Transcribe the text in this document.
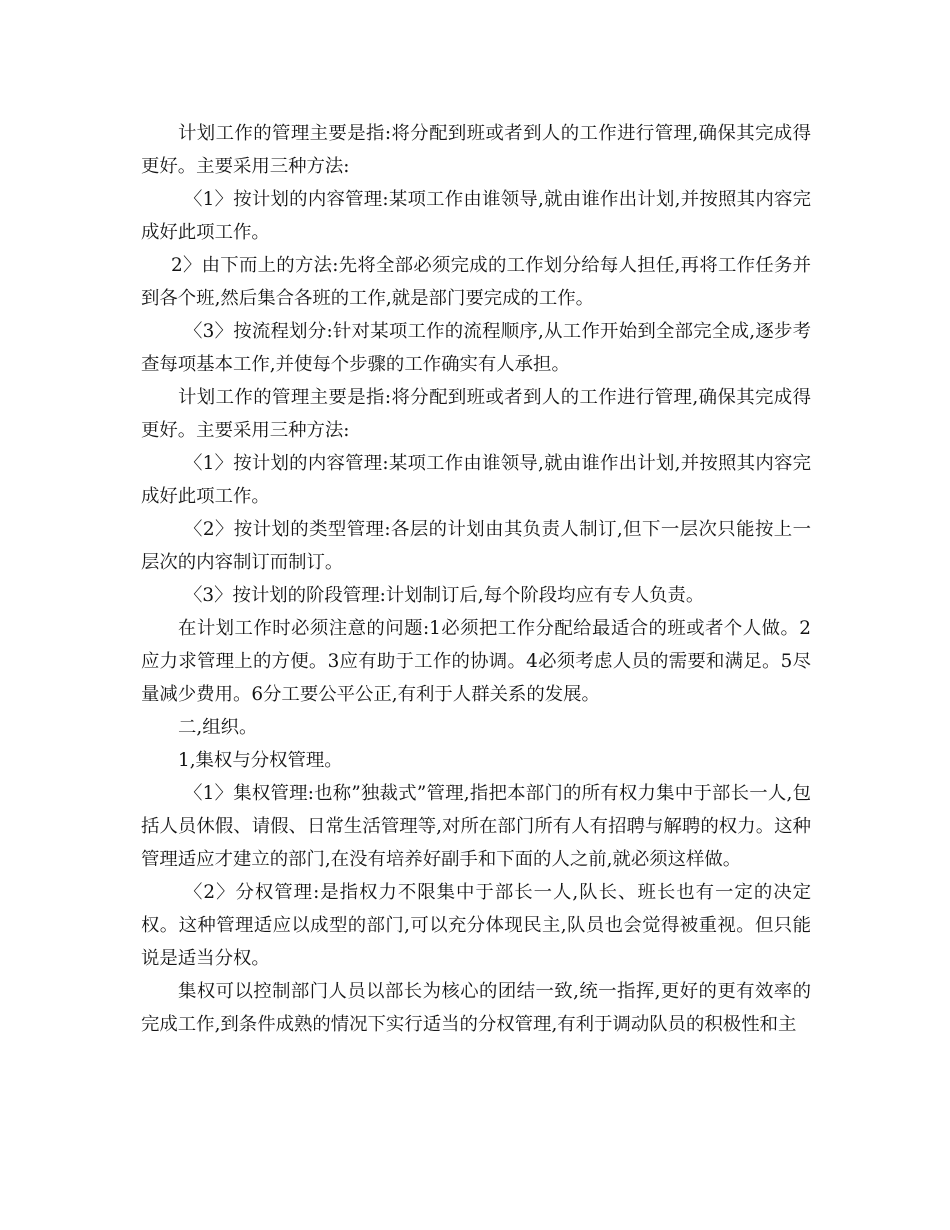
计划工作的管理主要是指:将分配到班或者到人的工作进行管理,确保其完成得更好。主要采用三种方法:

〈1〉按计划的内容管理:某项工作由谁领导,就由谁作出计划,并按照其内容完成好此项工作。

2〉由下而上的方法:先将全部必须完成的工作划分给每人担任,再将工作任务并到各个班,然后集合各班的工作,就是部门要完成的工作。

〈3〉按流程划分:针对某项工作的流程顺序,从工作开始到全部完全成,逐步考查每项基本工作,并使每个步骤的工作确实有人承担。

计划工作的管理主要是指:将分配到班或者到人的工作进行管理,确保其完成得更好。主要采用三种方法:

〈1〉按计划的内容管理:某项工作由谁领导,就由谁作出计划,并按照其内容完成好此项工作。

〈2〉按计划的类型管理:各层的计划由其负责人制订,但下一层次只能按上一层次的内容制订而制订。

〈3〉按计划的阶段管理:计划制订后,每个阶段均应有专人负责。

在计划工作时必须注意的问题:1必须把工作分配给最适合的班或者个人做。2应力求管理上的方便。3应有助于工作的协调。4必须考虑人员的需要和满足。5尽量减少费用。6分工要公平公正,有利于人群关系的发展。

二,组织。

1,集权与分权管理。

〈1〉集权管理:也称”独裁式”管理,指把本部门的所有权力集中于部长一人,包括人员休假、请假、日常生活管理等,对所在部门所有人有招聘与解聘的权力。这种管理适应才建立的部门,在没有培养好副手和下面的人之前,就必须这样做。

〈2〉分权管理:是指权力不限集中于部长一人,队长、班长也有一定的决定权。这种管理适应以成型的部门,可以充分体现民主,队员也会觉得被重视。但只能说是适当分权。

集权可以控制部门人员以部长为核心的团结一致,统一指挥,更好的更有效率的完成工作,到条件成熟的情况下实行适当的分权管理,有利于调动队员的积极性和主
